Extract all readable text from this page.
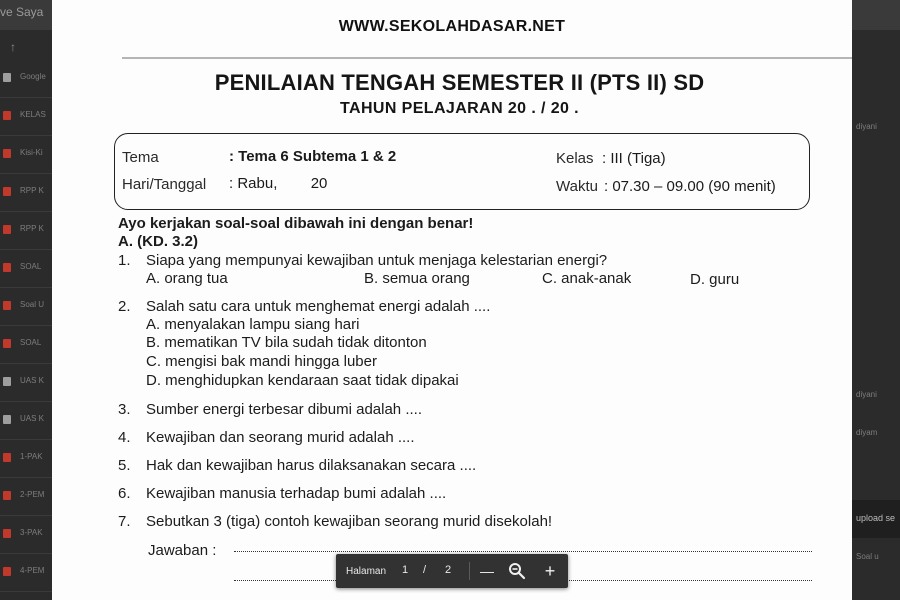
ve Saya
↑
Google
KELAS
Kisi-Ki
RPP K
RPP K
SOAL
Soal U
SOAL
UAS K
UAS K
1-PAK
2-PEM
3-PAK
4-PEM
diyani
diyani
diyam
Soal u
upload se
WWW.SEKOLAHDASAR.NET
PENILAIAN TENGAH SEMESTER II (PTS II) SD
TAHUN PELAJARAN 20 . / 20 .
Tema	: Tema 6 Subtema 1 & 2
Hari/Tanggal : Rabu,        20
Kelas : III (Tiga)
Waktu : 07.30 – 09.00 (90 menit)
Ayo kerjakan soal-soal dibawah ini dengan benar!
A. (KD. 3.2)
1. Siapa yang mempunyai kewajiban untuk menjaga kelestarian energi?
A. orang tua	B. semua orang	C. anak-anak	D. guru
2. Salah satu cara untuk menghemat energi adalah ....
A. menyalakan lampu siang hari
B. mematikan TV bila sudah tidak ditonton
C. mengisi bak mandi hingga luber
D. menghidupkan kendaraan saat tidak dipakai
3. Sumber energi terbesar dibumi adalah ....
4. Kewajiban dan seorang murid adalah ....
5. Hak dan kewajiban harus dilaksanakan secara ....
6. Kewajiban manusia terhadap bumi adalah ....
7. Sebutkan 3 (tiga) contoh kewajiban seorang murid disekolah!
Jawaban :
Halaman 1 / 2	—	+
